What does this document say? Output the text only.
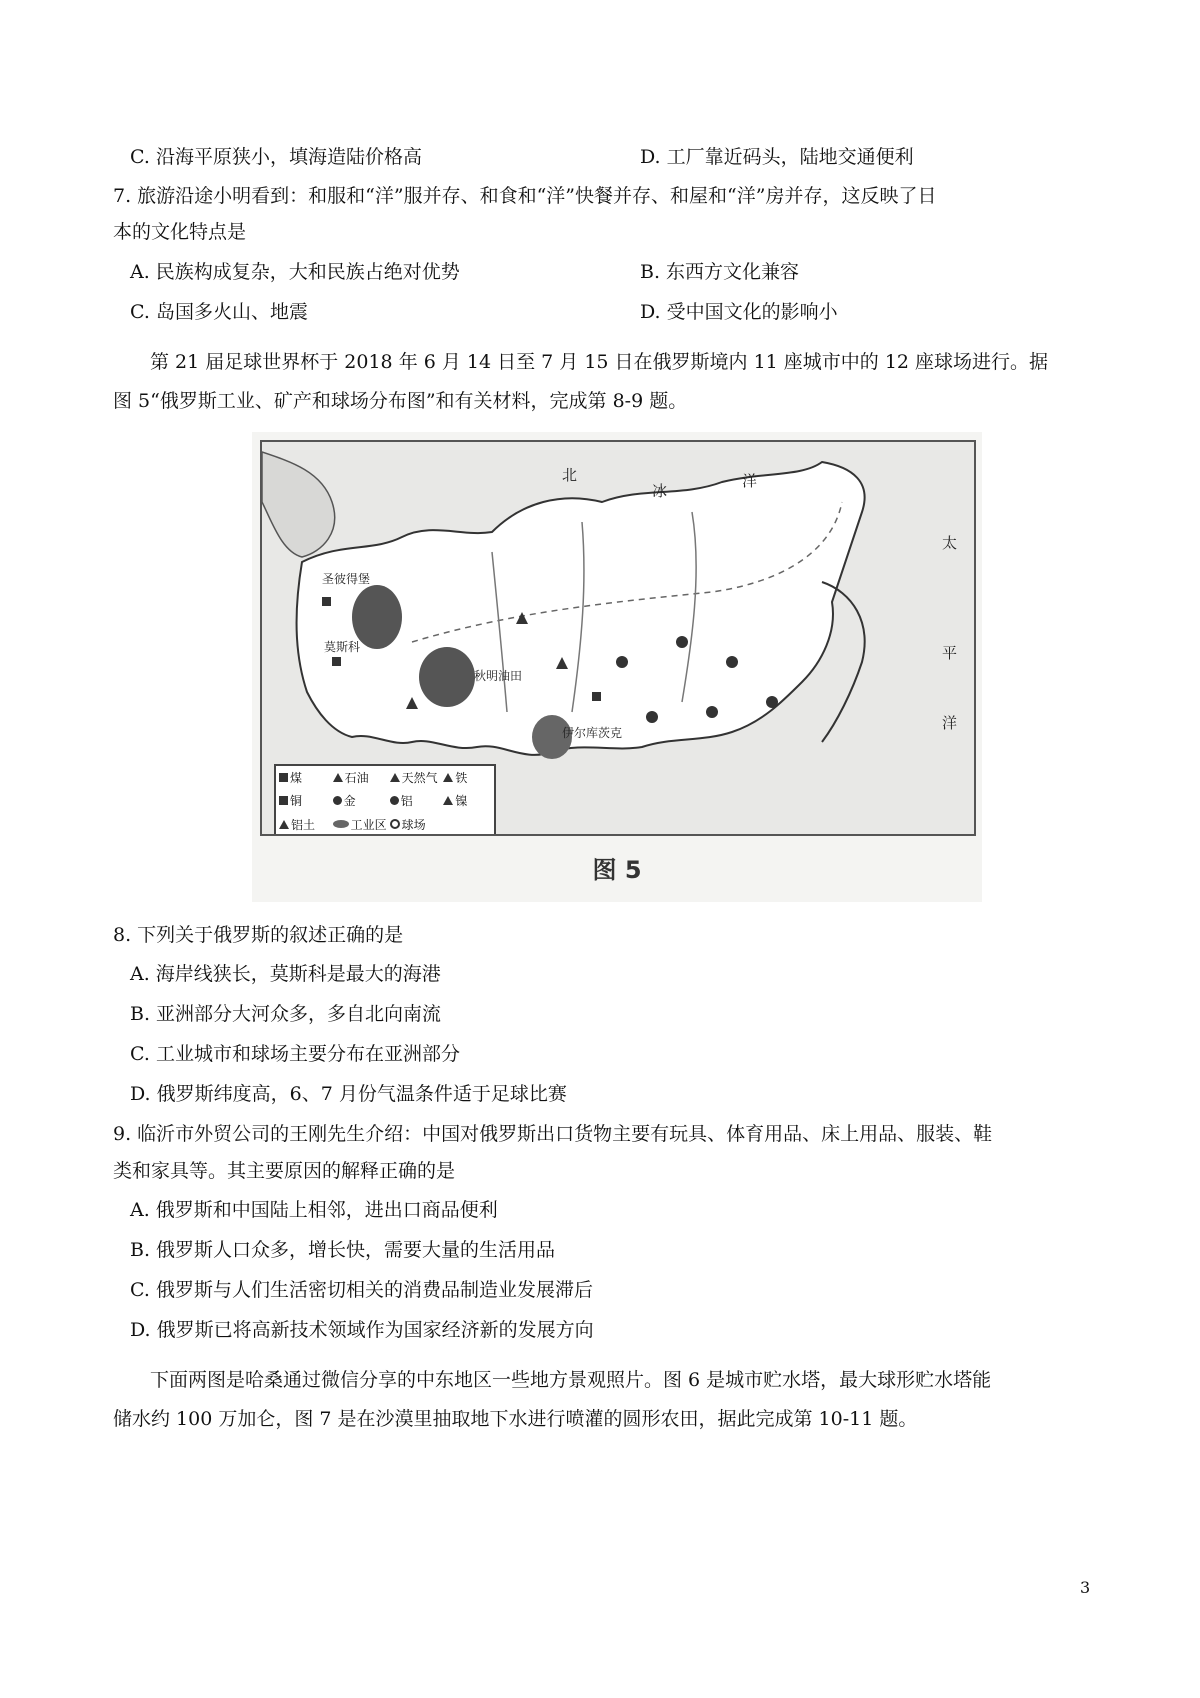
C. 沿海平原狭小，填海造陆价格高	D. 工厂靠近码头，陆地交通便利
7. 旅游沿途小明看到：和服和“洋”服并存、和食和“洋”快餐并存、和屋和“洋”房并存，这反映了日
本的文化特点是
A. 民族构成复杂，大和民族占绝对优势	B. 东西方文化兼容
C. 岛国多火山、地震	D. 受中国文化的影响小
第 21 届足球世界杯于 2018 年 6 月 14 日至 7 月 15 日在俄罗斯境内 11 座城市中的 12 座球场进行。据
图 5“俄罗斯工业、矿产和球场分布图”和有关材料，完成第 8-9 题。
北
冰
洋
太
平
洋
莫斯科
圣彼得堡
秋明油田
伊尔库茨克
煤	石油	天然气 铁
铜	金	铝	镍
铝土	工业区 球场
图 5
8. 下列关于俄罗斯的叙述正确的是
A. 海岸线狭长，莫斯科是最大的海港
B. 亚洲部分大河众多，多自北向南流
C. 工业城市和球场主要分布在亚洲部分
D. 俄罗斯纬度高，6、7 月份气温条件适于足球比赛
9. 临沂市外贸公司的王刚先生介绍：中国对俄罗斯出口货物主要有玩具、体育用品、床上用品、服装、鞋
类和家具等。其主要原因的解释正确的是
A. 俄罗斯和中国陆上相邻，进出口商品便利
B. 俄罗斯人口众多，增长快，需要大量的生活用品
C. 俄罗斯与人们生活密切相关的消费品制造业发展滞后
D. 俄罗斯已将高新技术领域作为国家经济新的发展方向
下面两图是哈桑通过微信分享的中东地区一些地方景观照片。图 6 是城市贮水塔，最大球形贮水塔能
储水约 100 万加仑，图 7 是在沙漠里抽取地下水进行喷灌的圆形农田，据此完成第 10-11 题。
3
